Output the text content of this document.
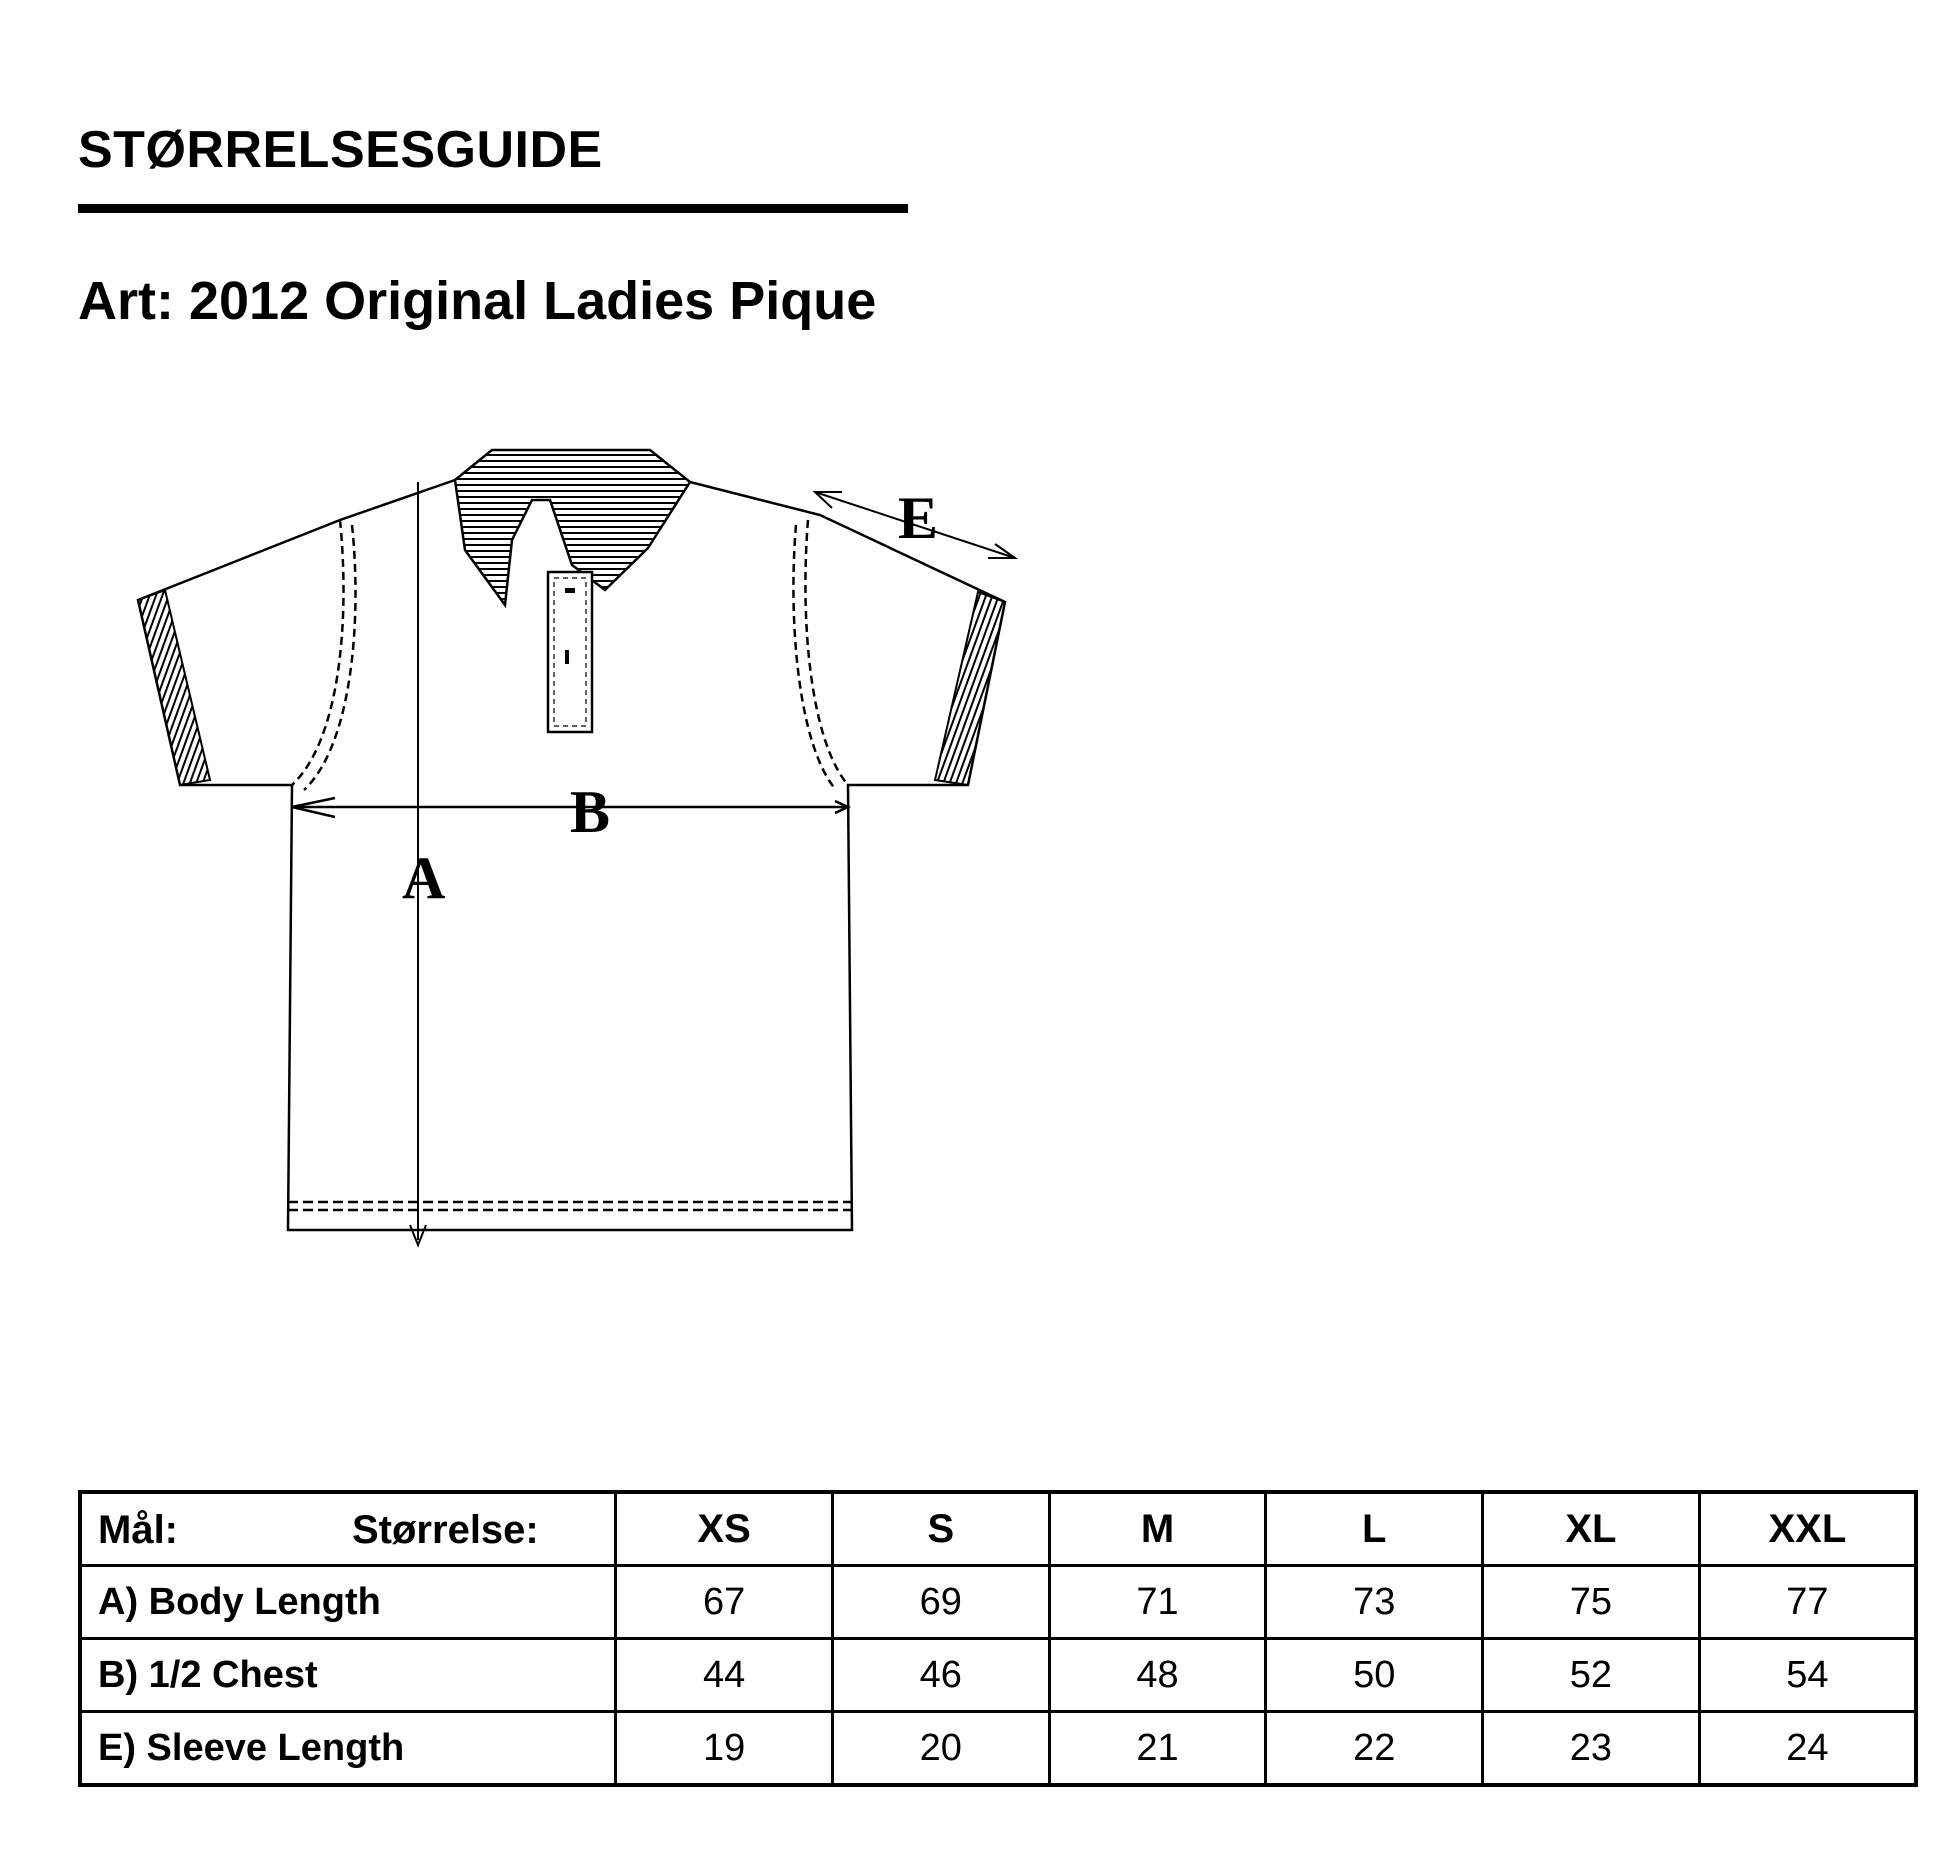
STØRRELSESGUIDE
Art: 2012 Original Ladies Pique
A
B
E
Mål: Størrelse:	XS	S	M	L	XL	XXL
A) Body Length	67	69	71	73	75	77
B) 1/2 Chest	44	46	48	50	52	54
E) Sleeve Length	19	20	21	22	23	24
